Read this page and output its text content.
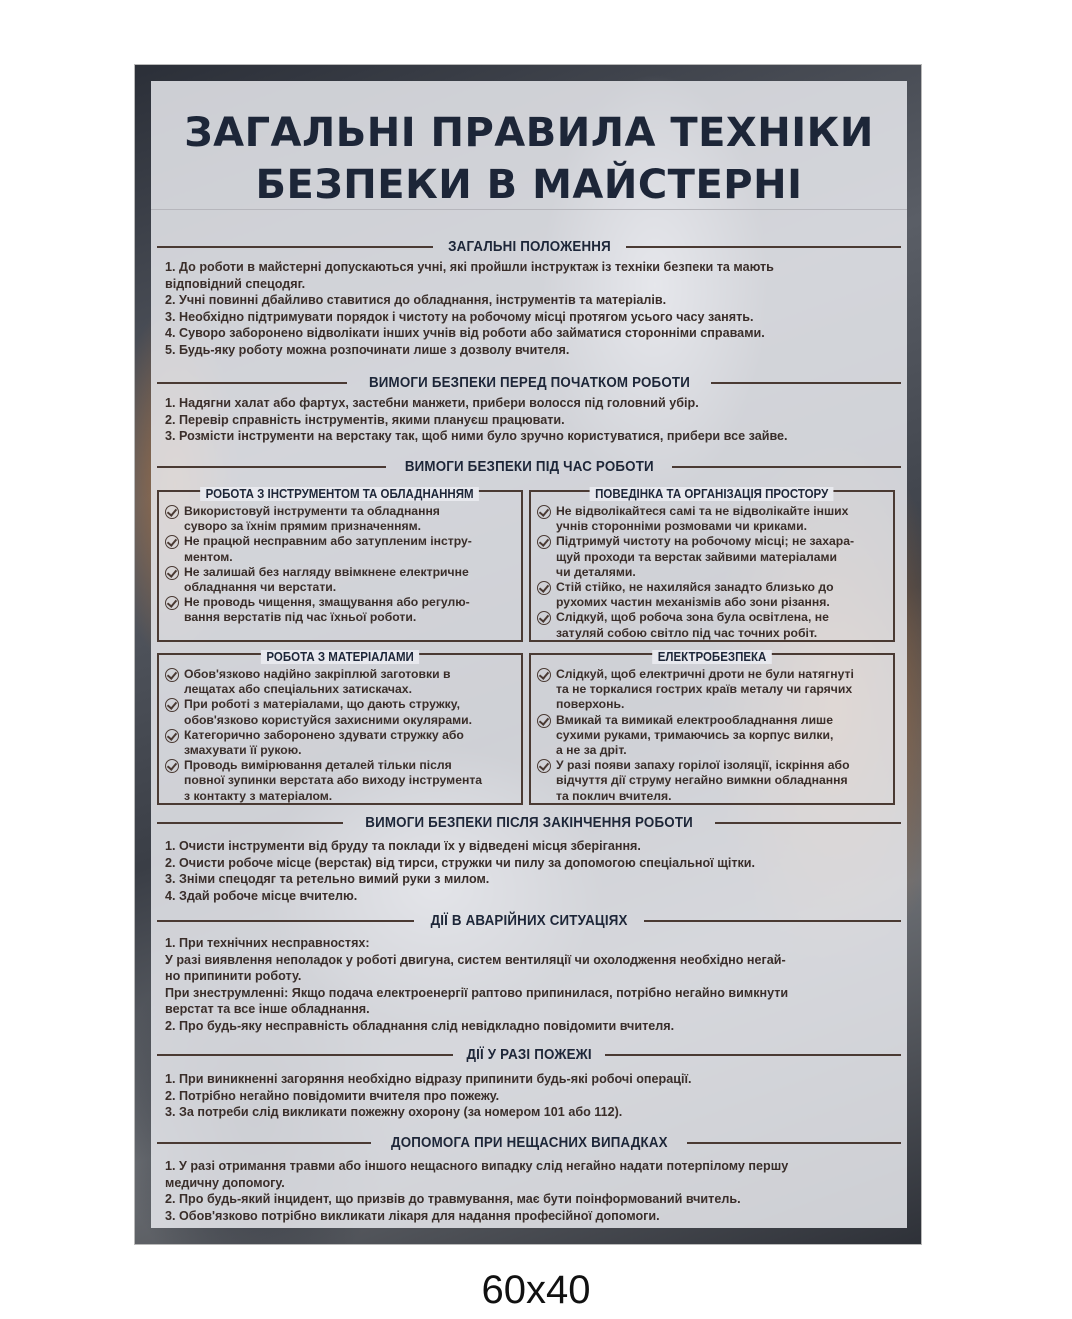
ЗАГАЛЬНІ ПРАВИЛА ТЕХНІКИ
БЕЗПЕКИ В МАЙСТЕРНІ
ЗАГАЛЬНІ ПОЛОЖЕННЯ

1. До роботи в майстерні допускаються учні, які пройшли інструктаж із техніки безпеки та мають
відповідний спецодяг.
2. Учні повинні дбайливо ставитися до обладнання, інструментів та матеріалів.
3. Необхідно підтримувати порядок і чистоту на робочому місці протягом усього часу занять.
4. Суворо заборонено відволікати інших учнів від роботи або займатися сторонніми справами.
5. Будь-яку роботу можна розпочинати лише з дозволу вчителя.

ВИМОГИ БЕЗПЕКИ ПЕРЕД ПОЧАТКОМ РОБОТИ

1. Надягни халат або фартух, застебни манжети, прибери волосся під головний убір.
2. Перевір справність інструментів, якими плануєш працювати.
3. Розмісти інструменти на верстаку так, щоб ними було зручно користуватися, прибери все зайве.

ВИМОГИ БЕЗПЕКИ ПІД ЧАС РОБОТИ
РОБОТА З ІНСТРУМЕНТОМ ТА ОБЛАДНАННЯМ
Використовуй інструменти та обладнання
суворо за їхнім прямим призначенням.
Не працюй несправним або затупленим інстру-
ментом.
Не залишай без нагляду ввімкнене електричне
обладнання чи верстати.
Не проводь чищення, змащування або регулю-
вання верстатів під час їхньої роботи.
ПОВЕДІНКА ТА ОРГАНІЗАЦІЯ ПРОСТОРУ
Не відволікайтеся самі та не відволікайте інших
учнів сторонніми розмовами чи криками.
Підтримуй чистоту на робочому місці; не захара-
щуй проходи та верстак зайвими матеріалами
чи деталями.
Стій стійко, не нахиляйся занадто близько до
рухомих частин механізмів або зони різання.
Слідкуй, щоб робоча зона була освітлена, не
затуляй собою світло під час точних робіт.
РОБОТА З МАТЕРІАЛАМИ
Обов'язково надійно закріплюй заготовки в
лещатах або спеціальних затискачах.
При роботі з матеріалами, що дають стружку,
обов'язково користуйся захисними окулярами.
Категорично заборонено здувати стружку або
змахувати її рукою.
Проводь вимірювання деталей тільки після
повної зупинки верстата або виходу інструмента
з контакту з матеріалом.
ЕЛЕКТРОБЕЗПЕКА
Слідкуй, щоб електричні дроти не були натягнуті
та не торкалися гострих країв металу чи гарячих
поверхонь.
Вмикай та вимикай електрообладнання лише
сухими руками, тримаючись за корпус вилки,
а не за дріт.
У разі появи запаху горілої ізоляції, іскріння або
відчуття дії струму негайно вимкни обладнання
та поклич вчителя.
ВИМОГИ БЕЗПЕКИ ПІСЛЯ ЗАКІНЧЕННЯ РОБОТИ

1. Очисти інструменти від бруду та поклади їх у відведені місця зберігання.
2. Очисти робоче місце (верстак) від тирси, стружки чи пилу за допомогою спеціальної щітки.
3. Зніми спецодяг та ретельно вимий руки з милом.
4. Здай робоче місце вчителю.

ДІЇ В АВАРІЙНИХ СИТУАЦІЯХ

1. При технічних несправностях:
У разі виявлення неполадок у роботі двигуна, систем вентиляції чи охолодження необхідно негай-
но припинити роботу.
При знеструмленні: Якщо подача електроенергії раптово припинилася, потрібно негайно вимкнути
верстат та все інше обладнання.
2. Про будь-яку несправність обладнання слід невідкладно повідомити вчителя.

ДІЇ У РАЗІ ПОЖЕЖІ

1. При виникненні загоряння необхідно відразу припинити будь-які робочі операції.
2. Потрібно негайно повідомити вчителя про пожежу.
3. За потреби слід викликати пожежну охорону (за номером 101 або 112).

ДОПОМОГА ПРИ НЕЩАСНИХ ВИПАДКАХ

1. У разі отримання травми або іншого нещасного випадку слід негайно надати потерпілому першу
медичну допомогу.
2. Про будь-який інцидент, що призвів до травмування, має бути поінформований вчитель.
3. Обов'язково потрібно викликати лікаря для надання професійної допомоги.

60x40
